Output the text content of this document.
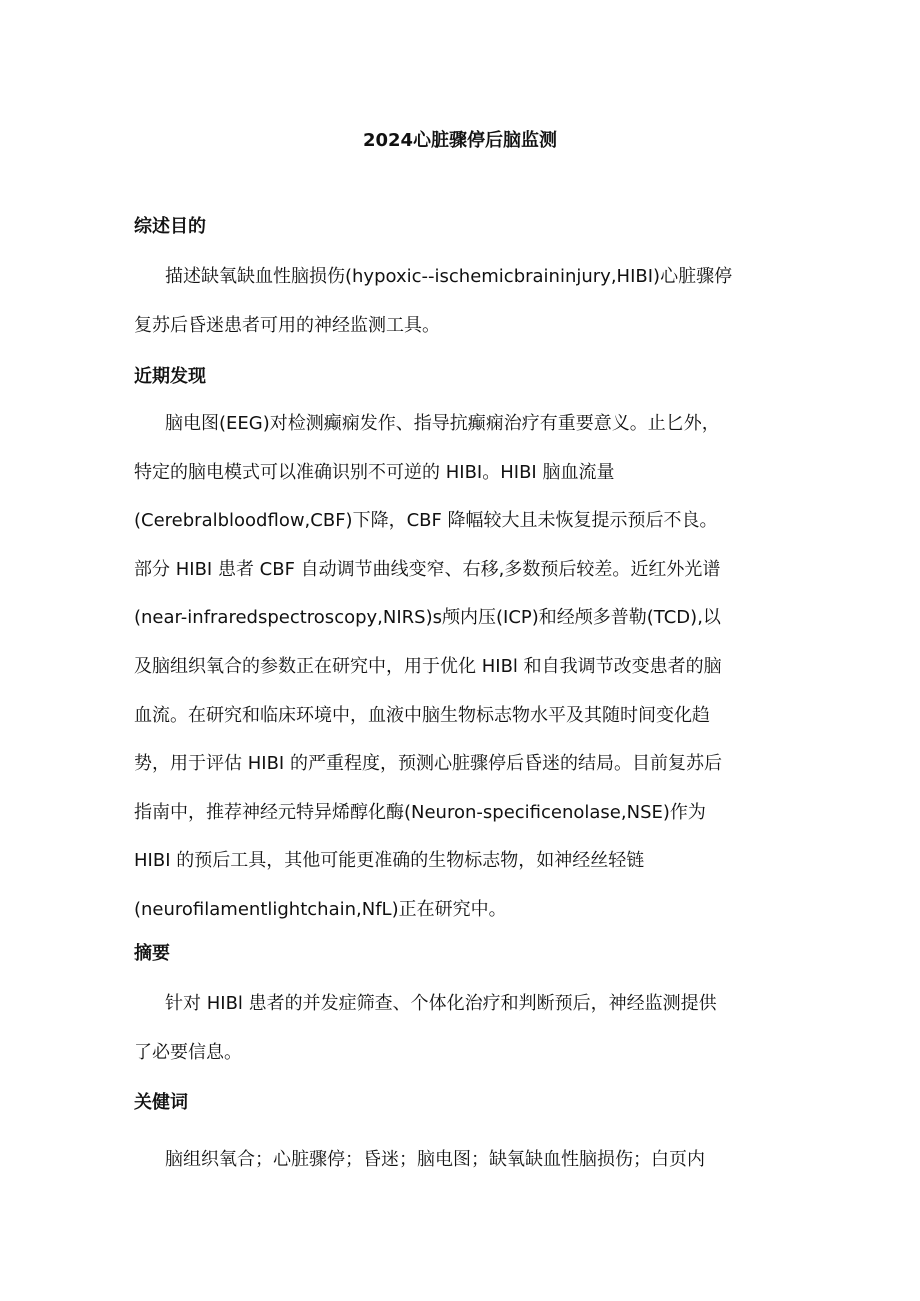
2024心脏骤停后脑监测
综述目的
描述缺氧缺血性脑损伤(hypoxic--ischemicbraininjury,HIBI)心脏骤停
复苏后昏迷患者可用的神经监测工具。
近期发现
脑电图(EEG)对检测癫痫发作、指导抗癫痫治疗有重要意义。止匕外，
特定的脑电模式可以准确识别不可逆的 HIBI。HIBI 脑血流量
(Cerebralbloodflow,CBF)下降，CBF 降幅较大且未恢复提示预后不良。
部分 HIBI 患者 CBF 自动调节曲线变窄、右移,多数预后较差。近红外光谱
(near-infraredspectroscopy,NIRS)s颅内压(ICP)和经颅多普勒(TCD),以
及脑组织氧合的参数正在研究中，用于优化 HIBl 和自我调节改变患者的脑
血流。在研究和临床环境中，血液中脑生物标志物水平及其随时间变化趋
势，用于评估 HIBI 的严重程度，预测心脏骤停后昏迷的结局。目前复苏后
指南中，推荐神经元特异烯醇化酶(Neuron-specificenolase,NSE)作为
HIBI 的预后工具，其他可能更准确的生物标志物，如神经丝轻链
(neurofilamentlightchain,NfL)正在研究中。
摘要
针对 HIBl 患者的并发症筛查、个体化治疗和判断预后，神经监测提供
了必要信息。
关健词
脑组织氧合；心脏骤停；昏迷；脑电图；缺氧缺血性脑损伤；白页内
